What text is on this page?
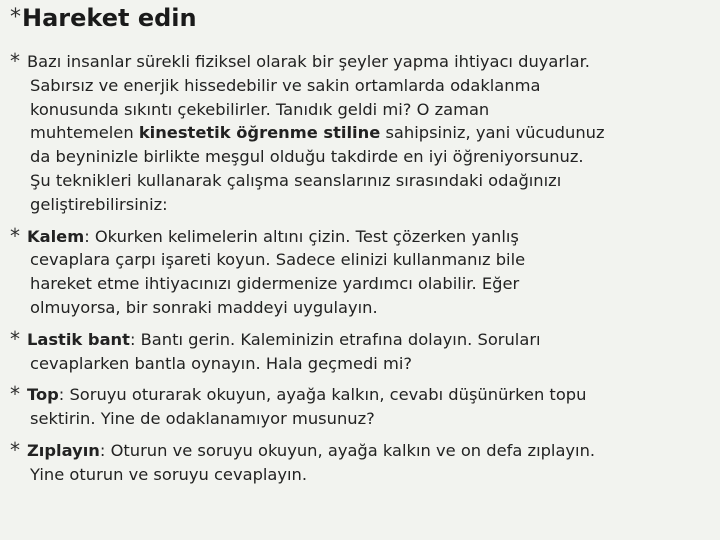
*Hareket edin
* Bazı insanlar sürekli fiziksel olarak bir şeyler yapma ihtiyacı duyarlar.
Sabırsız ve enerjik hissedebilir ve sakin ortamlarda odaklanma
konusunda sıkıntı çekebilirler. Tanıdık geldi mi? O zaman
muhtemelen kinestetik öğrenme stiline sahipsiniz, yani vücudunuz
da beyninizle birlikte meşgul olduğu takdirde en iyi öğreniyorsunuz.
Şu teknikleri kullanarak çalışma seanslarınız sırasındaki odağınızı
geliştirebilirsiniz:
* Kalem: Okurken kelimelerin altını çizin. Test çözerken yanlış
cevaplara çarpı işareti koyun. Sadece elinizi kullanmanız bile
hareket etme ihtiyacınızı gidermenize yardımcı olabilir. Eğer
olmuyorsa, bir sonraki maddeyi uygulayın.
* Lastik bant: Bantı gerin. Kaleminizin etrafına dolayın. Soruları
cevaplarken bantla oynayın. Hala geçmedi mi?
* Top: Soruyu oturarak okuyun, ayağa kalkın, cevabı düşünürken topu
sektirin. Yine de odaklanamıyor musunuz?
* Zıplayın: Oturun ve soruyu okuyun, ayağa kalkın ve on defa zıplayın.
Yine oturun ve soruyu cevaplayın.
